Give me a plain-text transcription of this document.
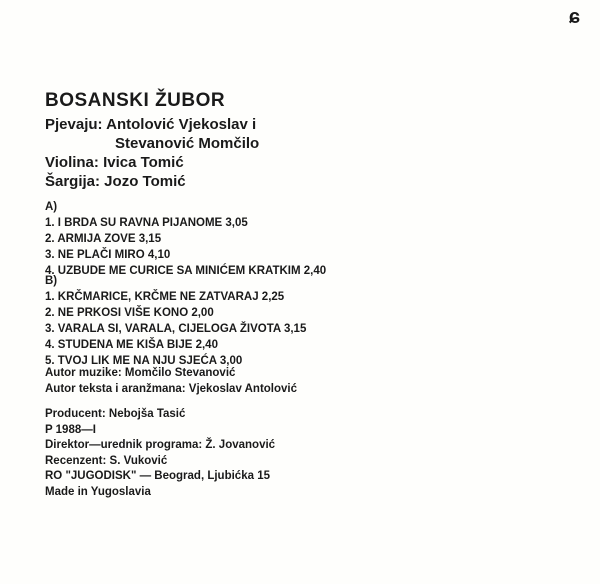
ɕ
BOSANSKI ŽUBOR
Pjevaju: Antolović Vjekoslav i
Stevanović Momčilo
Violina: Ivica Tomić
Šargija: Jozo Tomić
A)
1. I BRDA SU RAVNA PIJANOME 3,05
2. ARMIJA ZOVE 3,15
3. NE PLAČI MIRO 4,10
4. UZBUDE ME CURICE SA MINIĆEM KRATKIM 2,40
B)
1. KRČMARICE, KRČME NE ZATVARAJ 2,25
2. NE PRKOSI VIŠE KONO 2,00
3. VARALA SI, VARALA, CIJELOGA ŽIVOTA 3,15
4. STUDENA ME KIŠA BIJE 2,40
5. TVOJ LIK ME NA NJU SJEĆA 3,00
Autor muzike: Momčilo Stevanović
Autor teksta i aranžmana: Vjekoslav Antolović
Producent: Nebojša Tasić
P 1988—I
Direktor—urednik programa: Ž. Jovanović
Recenzent: S. Vuković
RO "JUGODISK" — Beograd, Ljubićka 15
Made in Yugoslavia
